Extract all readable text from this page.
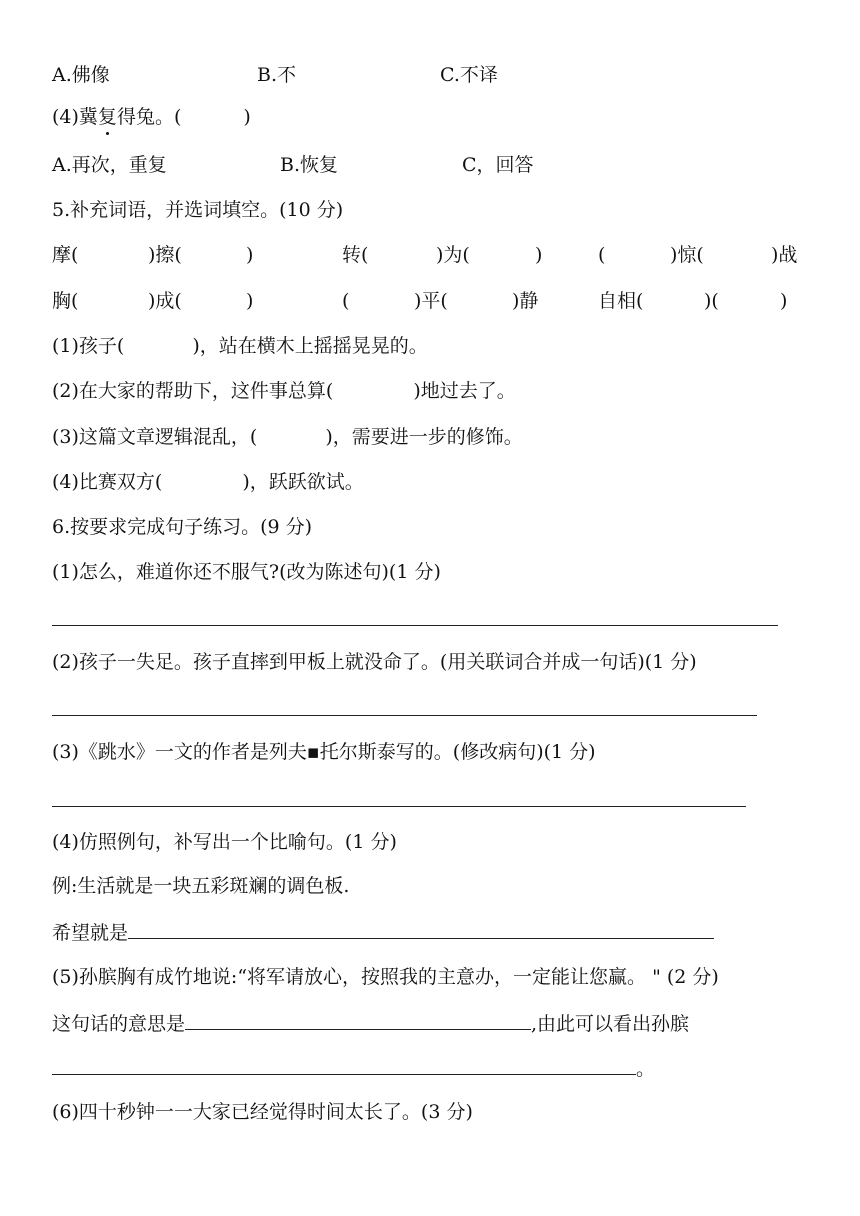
A.佛像	B.不	C.不译
(4)冀复得兔。(	)
A.再次，重复	B.恢复	C，回答
5.补充词语，并选词填空。(10 分)
摩(	)擦(	)	转(	)为(	)	(	)惊(	)战
胸(	)成(	)	(	)平(	)静	自相(	)(	)
(1)孩子(	)，站在横木上摇摇晃晃的。
(2)在大家的帮助下，这件事总算(	)地过去了。
(3)这篇文章逻辑混乱，(	)，需要进一步的修饰。
(4)比赛双方(	)，跃跃欲试。
6.按要求完成句子练习。(9 分)
(1)怎么，难道你还不服气?(改为陈述句)(1 分)
(2)孩子一失足。孩子直摔到甲板上就没命了。(用关联词合并成一句话)(1 分)
(3)《跳水》一文的作者是列夫▪托尔斯泰写的。(修改病句)(1 分)
(4)仿照例句，补写出一个比喻句。(1 分)
例:生活就是一块五彩斑斓的调色板.
希望就是
(5)孙膑胸有成竹地说:“将军请放心，按照我的主意办，一定能让您赢。 " (2 分)
这句话的意思是	,由此可以看出孙膑
。
(6)四十秒钟一一大家已经觉得时间太长了。(3 分)
